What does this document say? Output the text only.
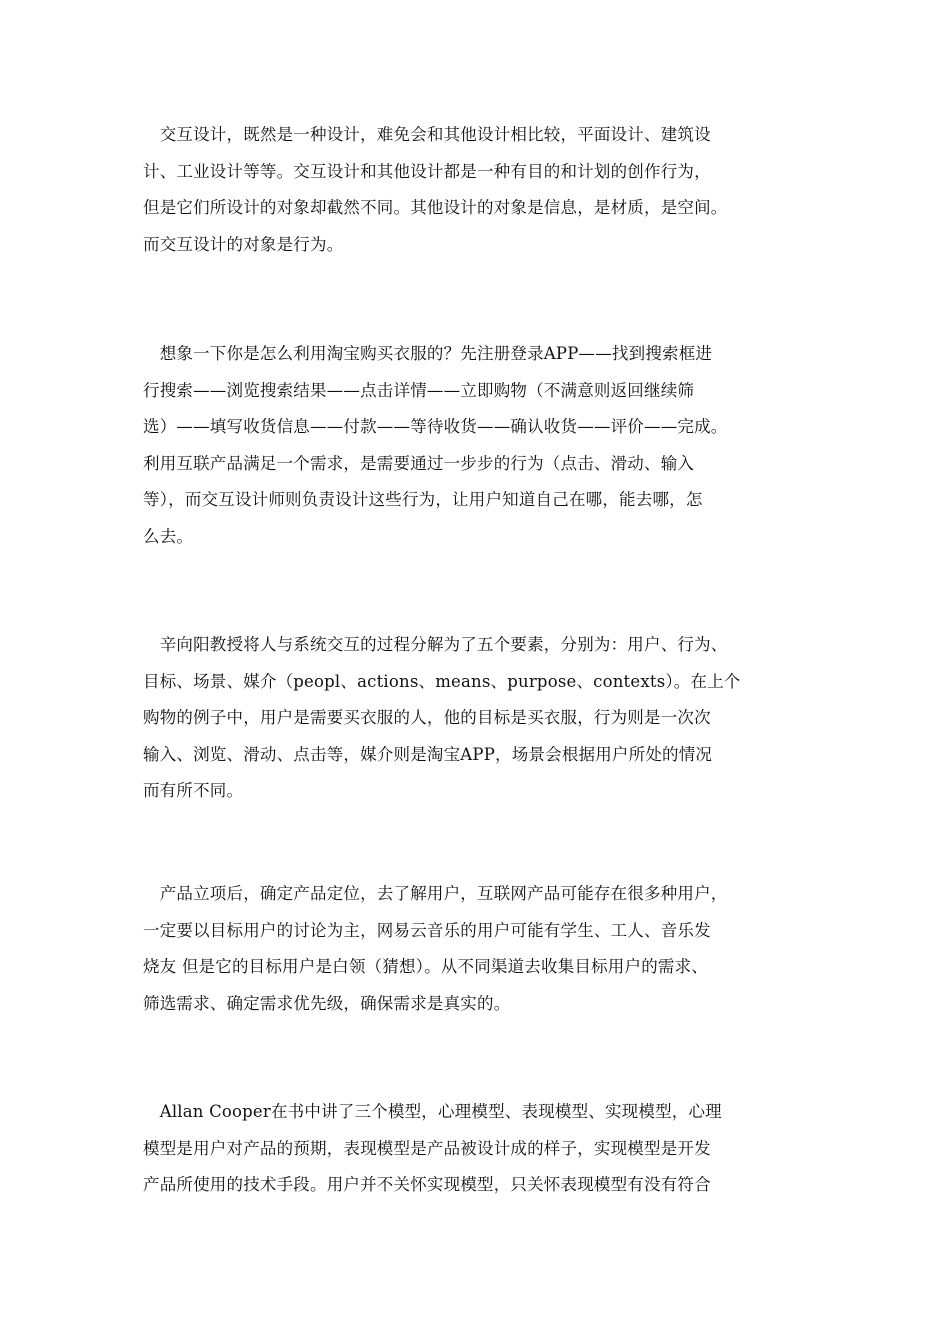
　交互设计，既然是一种设计，难免会和其他设计相比较，平面设计、建筑设
计、工业设计等等。交互设计和其他设计都是一种有目的和计划的创作行为，
但是它们所设计的对象却截然不同。其他设计的对象是信息，是材质，是空间。
而交互设计的对象是行为。

　想象一下你是怎么利用淘宝购买衣服的？先注册登录APP——找到搜索框进
行搜索——浏览搜索结果——点击详情——立即购物（不满意则返回继续筛
选）——填写收货信息——付款——等待收货——确认收货——评价——完成。
利用互联产品满足一个需求，是需要通过一步步的行为（点击、滑动、输入
等），而交互设计师则负责设计这些行为，让用户知道自己在哪，能去哪，怎
么去。

　辛向阳教授将人与系统交互的过程分解为了五个要素，分别为：用户、行为、
目标、场景、媒介（peopl、actions、means、purpose、contexts）。在上个
购物的例子中，用户是需要买衣服的人，他的目标是买衣服，行为则是一次次
输入、浏览、滑动、点击等，媒介则是淘宝APP，场景会根据用户所处的情况
而有所不同。

　产品立项后，确定产品定位，去了解用户，互联网产品可能存在很多种用户，
一定要以目标用户的讨论为主，网易云音乐的用户可能有学生、工人、音乐发
烧友 但是它的目标用户是白领（猜想）。从不同渠道去收集目标用户的需求、
筛选需求、确定需求优先级，确保需求是真实的。

　Allan Cooper在书中讲了三个模型，心理模型、表现模型、实现模型，心理
模型是用户对产品的预期，表现模型是产品被设计成的样子，实现模型是开发
产品所使用的技术手段。用户并不关怀实现模型，只关怀表现模型有没有符合
